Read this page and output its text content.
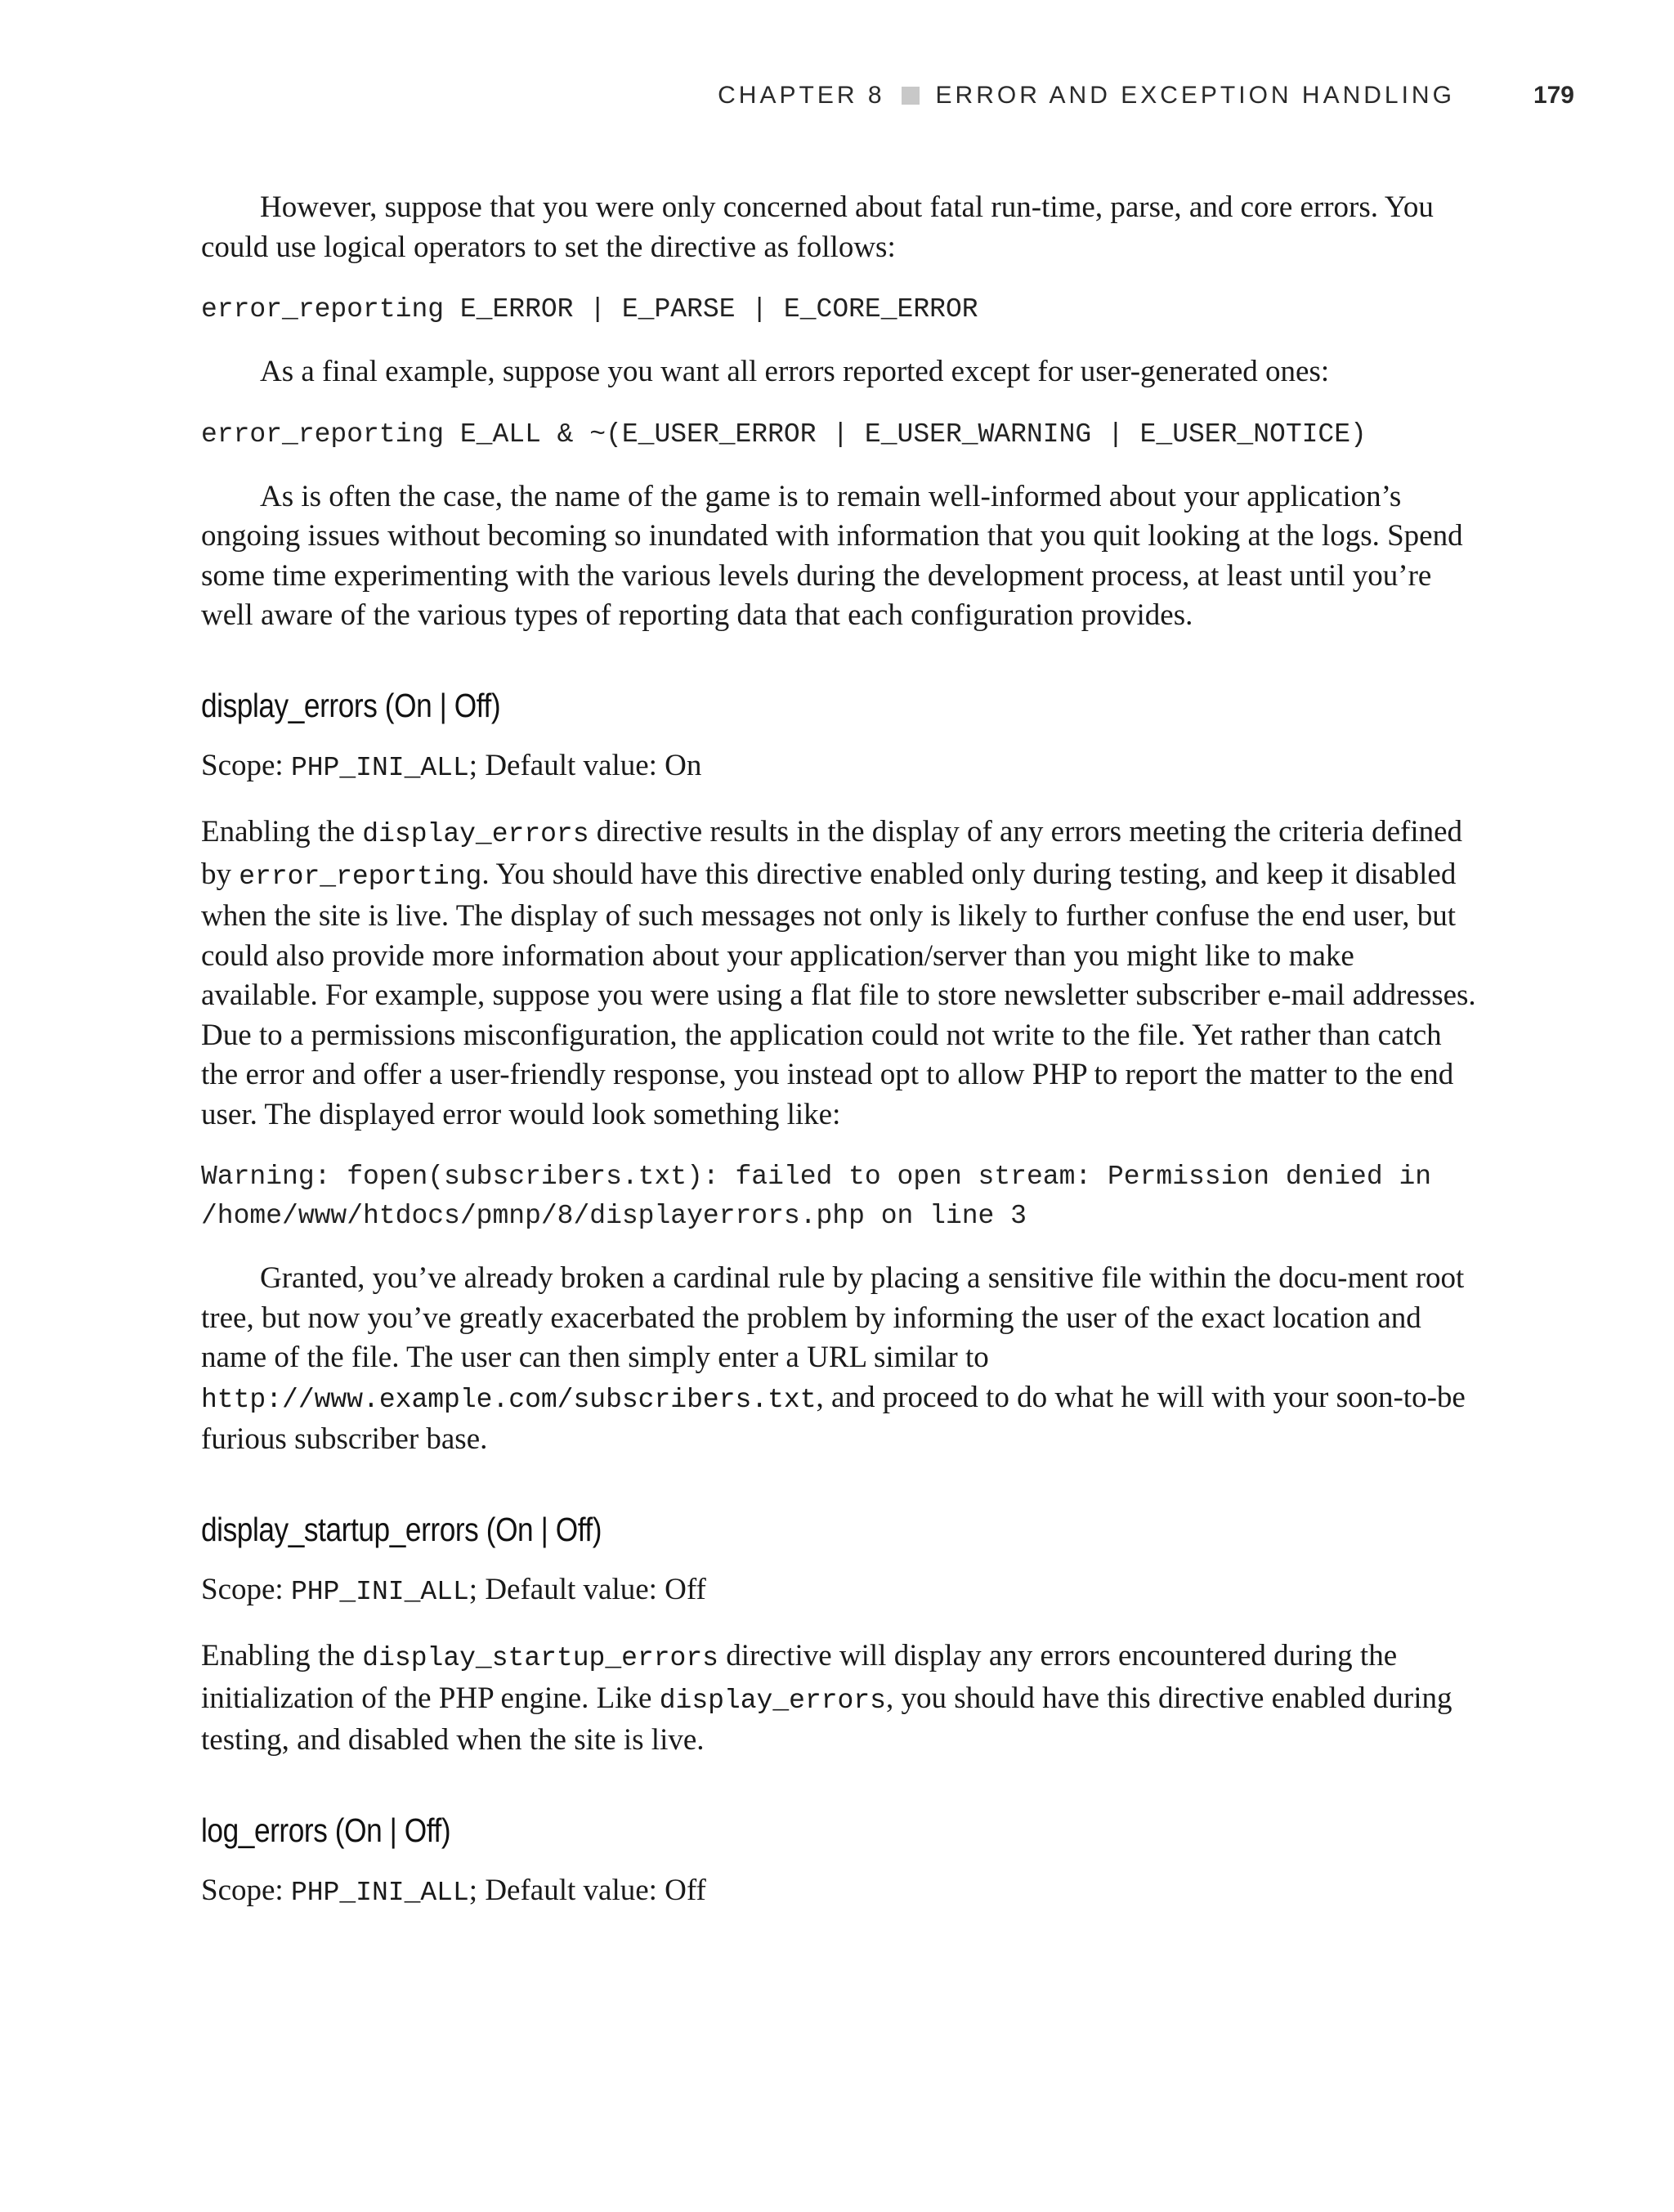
CHAPTER 8 ERROR AND EXCEPTION HANDLING	179

However, suppose that you were only concerned about fatal run-time, parse, and core errors. You could use logical operators to set the directive as follows:

error_reporting E_ERROR | E_PARSE | E_CORE_ERROR

As a final example, suppose you want all errors reported except for user-generated ones:

error_reporting E_ALL & ~(E_USER_ERROR | E_USER_WARNING | E_USER_NOTICE)

As is often the case, the name of the game is to remain well-informed about your application’s ongoing issues without becoming so inundated with information that you quit looking at the logs. Spend some time experimenting with the various levels during the development process, at least until you’re well aware of the various types of reporting data that each configuration provides.

display_errors (On | Off)

Scope: PHP_INI_ALL; Default value: On

Enabling the display_errors directive results in the display of any errors meeting the criteria defined by error_reporting. You should have this directive enabled only during testing, and keep it disabled when the site is live. The display of such messages not only is likely to further confuse the end user, but could also provide more information about your application/server than you might like to make available. For example, suppose you were using a flat file to store newsletter subscriber e-mail addresses. Due to a permissions misconfiguration, the application could not write to the file. Yet rather than catch the error and offer a user-friendly response, you instead opt to allow PHP to report the matter to the end user. The displayed error would look something like:

Warning: fopen(subscribers.txt): failed to open stream: Permission denied in
/home/www/htdocs/pmnp/8/displayerrors.php on line 3

Granted, you’ve already broken a cardinal rule by placing a sensitive file within the docu-ment root tree, but now you’ve greatly exacerbated the problem by informing the user of the exact location and name of the file. The user can then simply enter a URL similar to http://www.example.com/subscribers.txt, and proceed to do what he will with your soon-to-be furious subscriber base.

display_startup_errors (On | Off)

Scope: PHP_INI_ALL; Default value: Off

Enabling the display_startup_errors directive will display any errors encountered during the initialization of the PHP engine. Like display_errors, you should have this directive enabled during testing, and disabled when the site is live.

log_errors (On | Off)

Scope: PHP_INI_ALL; Default value: Off
